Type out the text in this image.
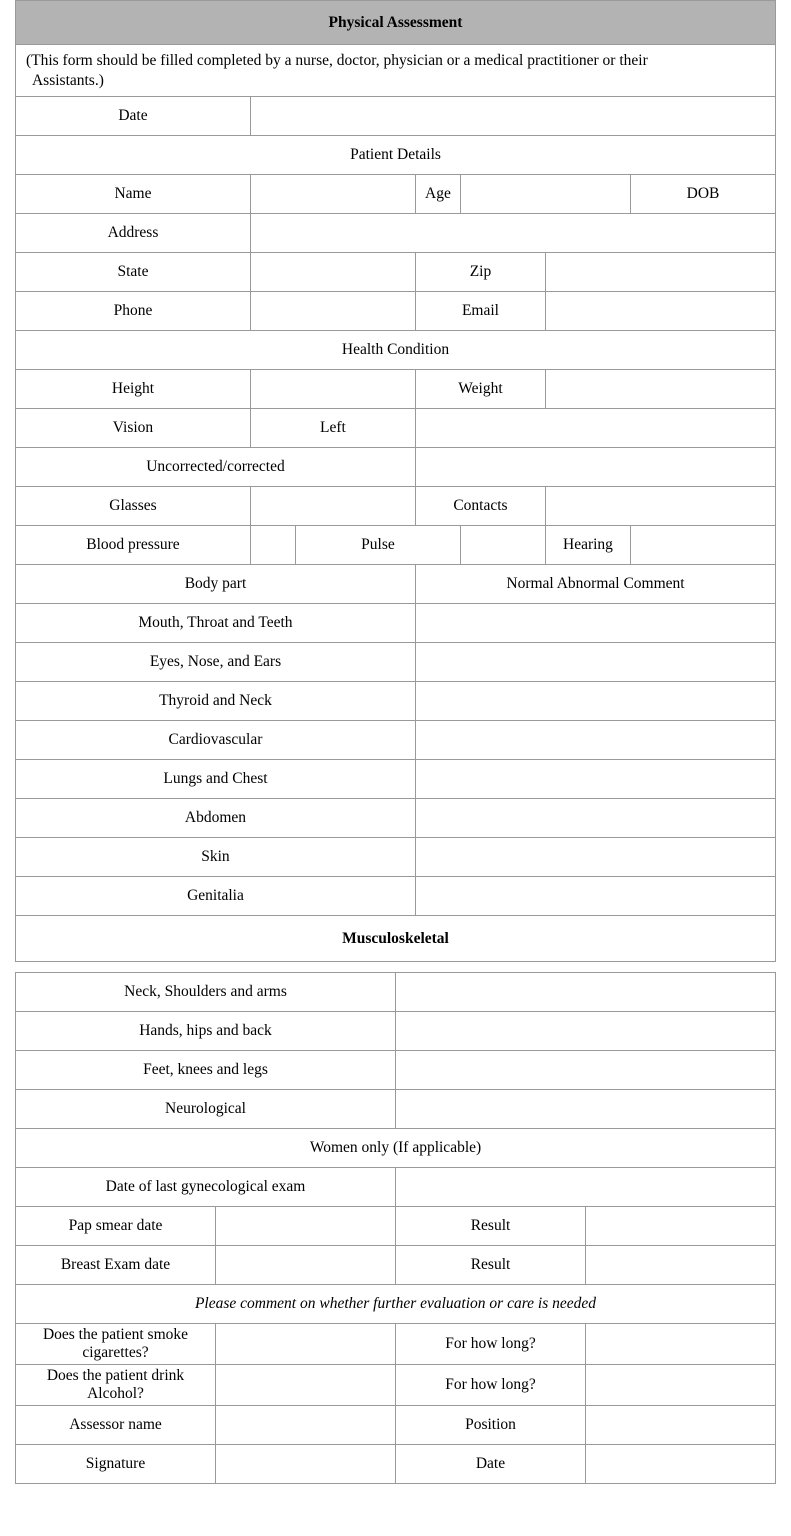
Physical Assessment						
(This form should be filled completed by a nurse, doctor, physician or a medical practitioner or their
Assistants.)						

Date						
Patient Details						
Name			Age			DOB
Address						
State			Zip			
Phone			Email			
Health Condition						
Height			Weight			
Vision	Left					
Uncorrected/corrected						
Glasses			Contacts			
Blood pressure		Pulse			Hearing	
Body part			Normal Abnormal Comment			
Mouth, Throat and Teeth						
Eyes, Nose, and Ears						
Thyroid and Neck						
Cardiovascular						
Lungs and Chest						
Abdomen						
Skin						
Genitalia						
Musculoskeletal						
Neck, Shoulders and arms			
Hands, hips and back			
Feet, knees and legs			
Neurological			
Women only (If applicable)			
Date of last gynecological exam			
Pap smear date		Result	
Breast Exam date		Result	
Please comment on whether further evaluation or care is needed			
Does the patient smoke cigarettes?		For how long?	
Does the patient drink Alcohol?		For how long?	
Assessor name		Position	
Signature		Date	
